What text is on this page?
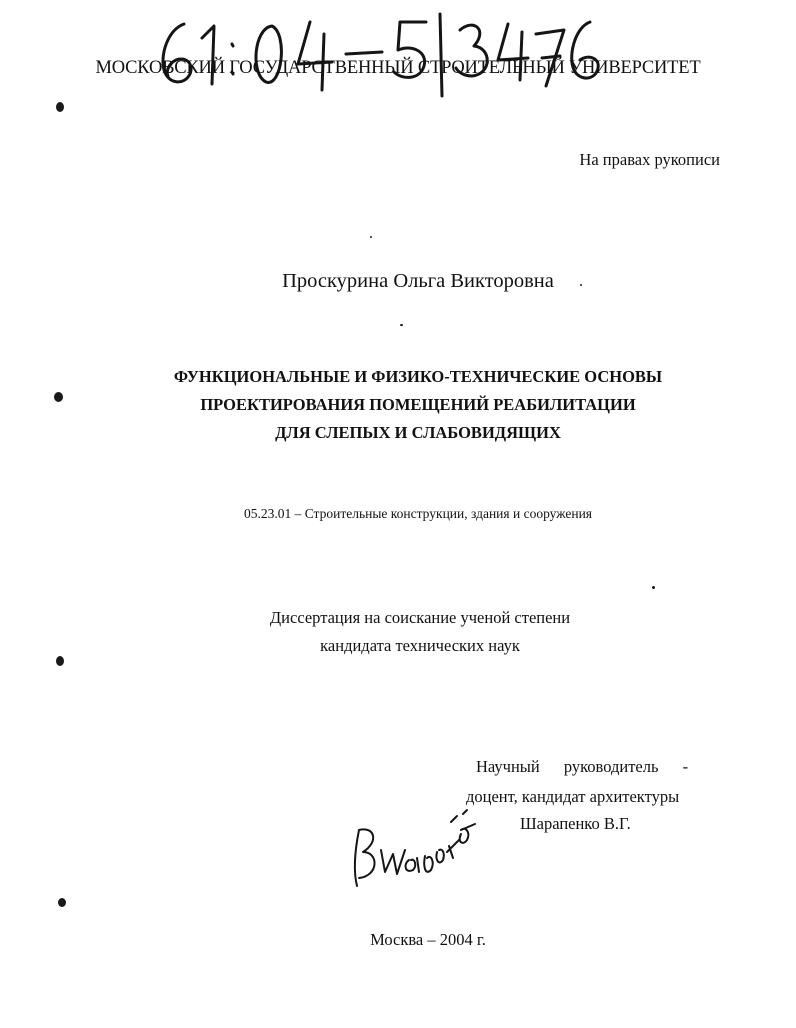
МОСКОВСКИЙ ГОСУДАРСТВЕННЫЙ СТРОИТЕЛЬНЫЙ УНИВЕРСИТЕТ
На правах рукописи
Проскурина Ольга Викторовна
ФУНКЦИОНАЛЬНЫЕ И ФИЗИКО-ТЕХНИЧЕСКИЕ ОСНОВЫ
ПРОЕКТИРОВАНИЯ ПОМЕЩЕНИЙ РЕАБИЛИТАЦИИ
ДЛЯ СЛЕПЫХ И СЛАБОВИДЯЩИХ
05.23.01 – Строительные конструкции, здания и сооружения
Диссертация на соискание ученой степени
кандидата технических наук
Научный руководитель -
доцент, кандидат архитектуры
Шарапенко В.Г.
Москва – 2004 г.
